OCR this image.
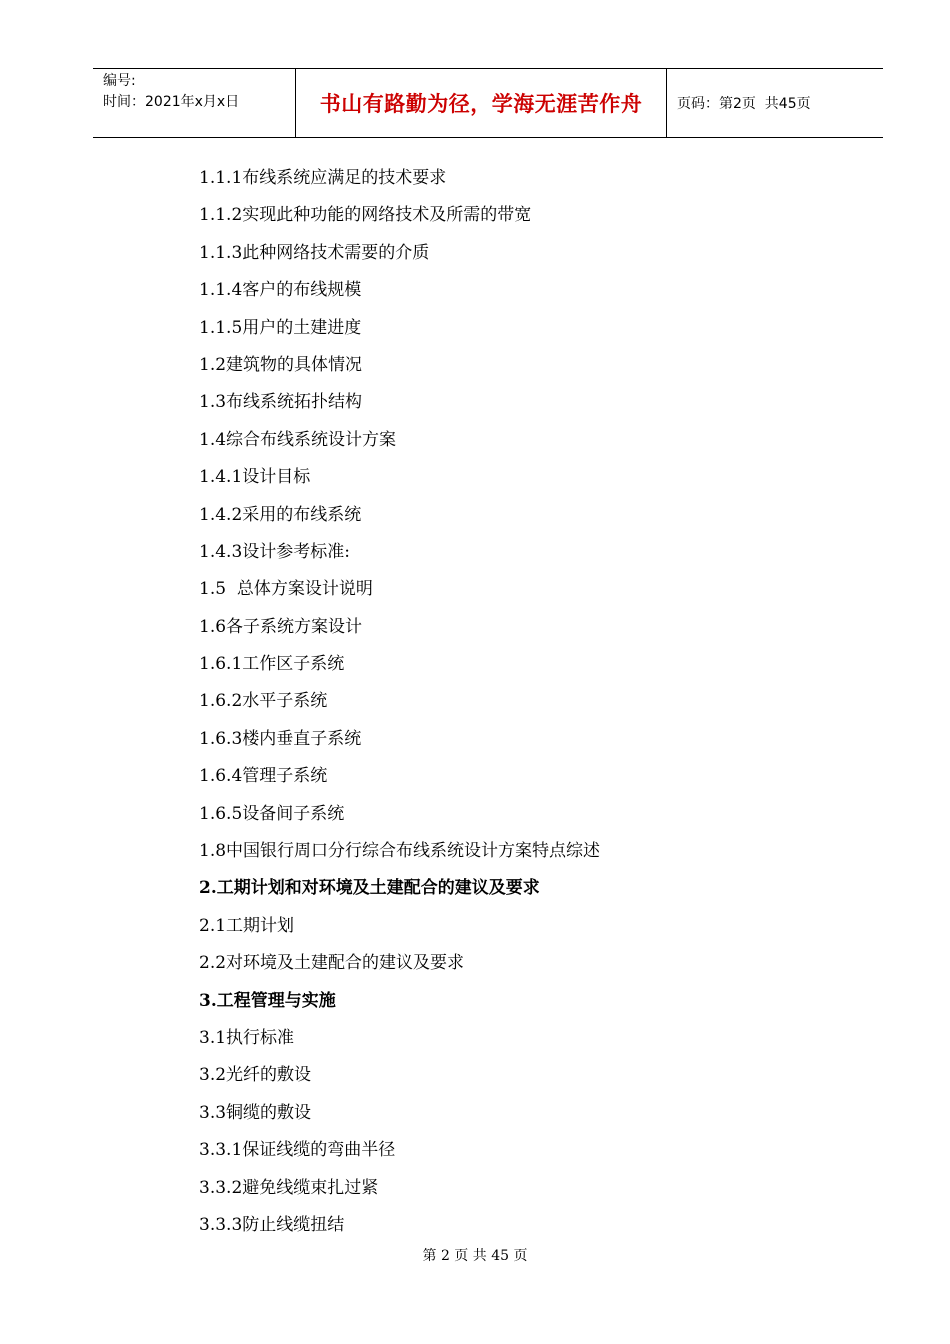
编号:
时间：2021年x月x日	书山有路勤为径，学海无涯苦作舟	页码：第2页  共45页
1.1.1布线系统应满足的技术要求
1.1.2实现此种功能的网络技术及所需的带宽
1.1.3此种网络技术需要的介质
1.1.4客户的布线规模
1.1.5用户的土建进度
1.2建筑物的具体情况
1.3布线系统拓扑结构
1.4综合布线系统设计方案
1.4.1设计目标
1.4.2采用的布线系统
1.4.3设计参考标准:
1.5  总体方案设计说明
1.6各子系统方案设计
1.6.1工作区子系统
1.6.2水平子系统
1.6.3楼内垂直子系统
1.6.4管理子系统
1.6.5设备间子系统
1.8中国银行周口分行综合布线系统设计方案特点综述
2.工期计划和对环境及土建配合的建议及要求
2.1工期计划
2.2对环境及土建配合的建议及要求
3.工程管理与实施
3.1执行标准
3.2光纤的敷设
3.3铜缆的敷设
3.3.1保证线缆的弯曲半径
3.3.2避免线缆束扎过紧
3.3.3防止线缆扭结
第 2 页 共 45 页
